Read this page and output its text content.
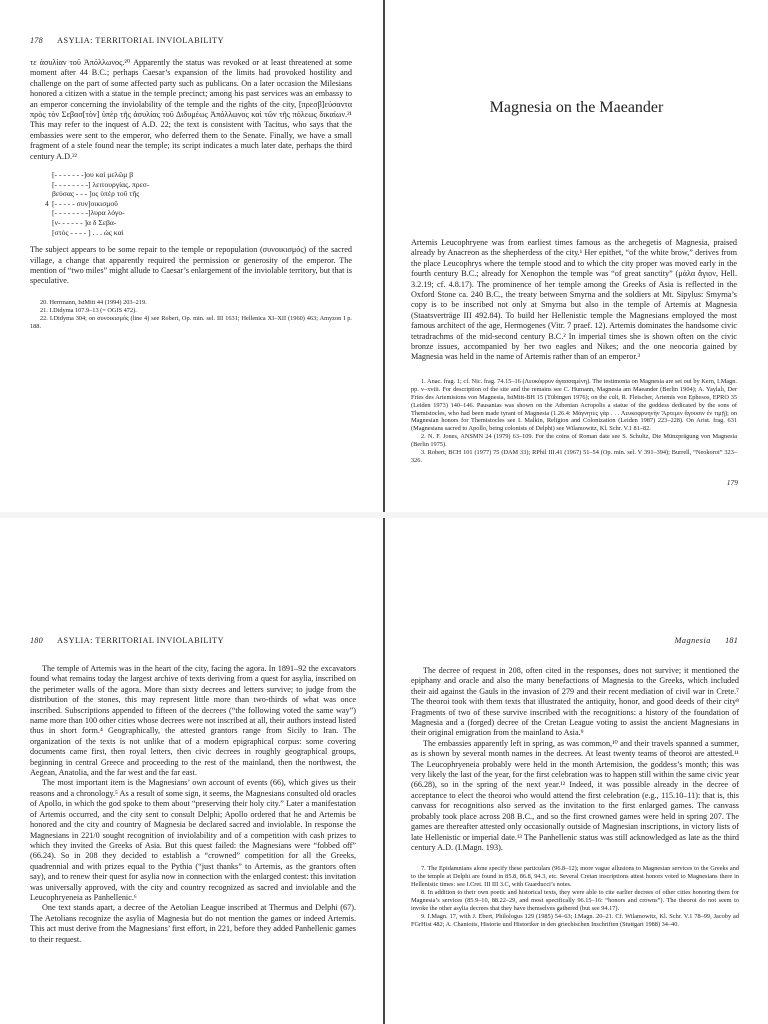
178 ASYLIA: TERRITORIAL INVIOLABILITY

τε ἀσυλίαν τοῦ Ἀπόλλωνος.²⁰ Apparently the status was revoked or at least threatened at some moment after 44 B.C.; perhaps Caesar’s expansion of the limits had provoked hostility and challenge on the part of some affected party such as publicans. On a later occasion the Milesians honored a citizen with a statue in the temple precinct; among his past services was an embassy to an emperor concerning the inviolability of the temple and the rights of the city, [πρεσβ]εύσαντα πρὸς τὸν Σεβασ[τὸν] ὑπὲρ τῆς ἀσυλίας τοῦ Διδυμέως Ἀπόλλωνος καὶ τῶν τῆς πόλεως δικαίων.²¹ This may refer to the inquest of A.D. 22; the text is consistent with Tacitus, who says that the embassies were sent to the emperor, who deferred them to the Senate. Finally, we have a small fragment of a stele found near the temple; its script indicates a much later date, perhaps the third century A.D.²²

[- - - - - - -]ου καὶ μελῶμ β
[- - - - - - - -] λειτουργίας, πρεσ-
βεύσας - - - ]ος ὑπὲρ τοῦ τῆς
4 [- - - - - συν]οικισμοῦ
[- - - - - - - -]λυρα λόγο-
[ν- - - - - - ]α δ Σεβα-
[στός - - - - ] . . . ώς καὶ

The subject appears to be some repair to the temple or repopulation (συνοικισμός) of the sacred village, a change that apparently required the permission or generosity of the emperor. The mention of “two miles” might allude to Caesar’s enlargement of the inviolable territory, but that is speculative.

20. Herrmann, IstMitt 44 (1994) 203–219.

21. I.Didyma 107.9–13 (= OGIS 472).

22. I.Didyma 304; on συνοικισμός (line 4) see Robert, Op. min. sel. III 1631; Hellenica XI–XII (1960) 463; Amyzon I p. 188.

Magnesia on the Maeander

Artemis Leucophryene was from earliest times famous as the archegetis of Magnesia, praised already by Anacreon as the shepherdess of the city.¹ Her epithet, “of the white brow,” derives from the place Leucophrys where the temple stood and to which the city proper was moved early in the fourth century B.C.; already for Xenophon the temple was “of great sanctity” (μάλα ἅγιον, Hell. 3.2.19; cf. 4.8.17). The prominence of her temple among the Greeks of Asia is reflected in the Oxford Stone ca. 240 B.C., the treaty between Smyrna and the soldiers at Mt. Sipylus: Smyrna’s copy is to be inscribed not only at Smyrna but also in the temple of Artemis at Magnesia (Staatsverträge III 492.84). To build her Hellenistic temple the Magnesians employed the most famous architect of the age, Hermogenes (Vitr. 7 praef. 12). Artemis dominates the handsome civic tetradrachms of the mid-second century B.C.² In imperial times she is shown often on the civic bronze issues, accompanied by her two eagles and Nikes; and the one neocoria gained by Magnesia was held in the name of Artemis rather than of an emperor.³

1. Anac. frag. 1; cf. Nic. frag. 74.15–16 (Λευκόφρυν ἀγασσαμένη). The testimonia on Magnesia are set out by Kern, I.Magn. pp. v–xviii. For description of the site and the remains see C. Humann, Magnesia am Maeander (Berlin 1904); A. Yaylalı, Der Fries des Artemisions von Magnesia, IstMitt-BH 15 (Tübingen 1976); on the cult, R. Fleischer, Artemis von Ephesos, EPRO 35 (Leiden 1973) 140–146. Pausanias was shown on the Athenian Acropolis a statue of the goddess dedicated by the sons of Themistocles, who had been made tyrant of Magnesia (1.26.4: Μάγνητες γὰρ . . . Λευκοφρυηνὴν Ἄρτεμιν ἄγουσιν ἐν τιμῇ); on Magnesian honors for Themistocles see I. Malkin, Religion and Colonization (Leiden 1987) 223–228). On Arist. frag. 631 (Magnesians sacred to Apollo, being colonists of Delphi) see Wilamowitz, Kl. Schr. V.1 81–82.

2. N. F. Jones, ANSMN 24 (1979) 63–109. For the coins of Roman date see S. Schultz, Die Münzprägung von Magnesia (Berlin 1975).

3. Robert, BCH 101 (1977) 75 (DAM 33); RPhil III.41 (1967) 51–54 (Op. min. sel. V 391–394); Burrell, “Neokoroi” 323–326.

179
180 ASYLIA: TERRITORIAL INVIOLABILITY

The temple of Artemis was in the heart of the city, facing the agora. In 1891–92 the excavators found what remains today the largest archive of texts deriving from a quest for asylia, inscribed on the perimeter walls of the agora. More than sixty decrees and letters survive; to judge from the distribution of the stones, this may represent little more than two-thirds of what was once inscribed. Subscriptions appended to fifteen of the decrees (“the following voted the same way”) name more than 100 other cities whose decrees were not inscribed at all, their authors instead listed thus in short form.⁴ Geographically, the attested grantors range from Sicily to Iran. The organization of the texts is not unlike that of a modern epigraphical corpus: some covering documents came first, then royal letters, then civic decrees in roughly geographical groups, beginning in central Greece and proceeding to the rest of the mainland, then the northwest, the Aegean, Anatolia, and the far west and the far east.

The most important item is the Magnesians’ own account of events (66), which gives us their reasons and a chronology.⁵ As a result of some sign, it seems, the Magnesians consulted old oracles of Apollo, in which the god spoke to them about “preserving their holy city.” Later a manifestation of Artemis occurred, and the city sent to consult Delphi; Apollo ordered that he and Artemis be honored and the city and country of Magnesia be declared sacred and inviolable. In response the Magnesians in 221/0 sought recognition of inviolability and of a competition with cash prizes to which they invited the Greeks of Asia. But this quest failed: the Magnesians were “fobbed off” (66.24). So in 208 they decided to establish a “crowned” competition for all the Greeks, quadrennial and with prizes equal to the Pythia (“just thanks” to Artemis, as the grantors often say), and to renew their quest for asylia now in connection with the enlarged contest: this invitation was universally approved, with the city and country recognized as sacred and inviolable and the Leucophryeneia as Panhellenic.⁶

One text stands apart, a decree of the Aetolian League inscribed at Thermus and Delphi (67). The Aetolians recognize the asylia of Magnesia but do not mention the games or indeed Artemis. This act must derive from the Magnesians’ first effort, in 221, before they added Panhellenic games to their request.

Magnesia 181

The decree of request in 208, often cited in the responses, does not survive; it mentioned the epiphany and oracle and also the many benefactions of Magnesia to the Greeks, which included their aid against the Gauls in the invasion of 279 and their recent mediation of civil war in Crete.⁷ The theoroi took with them texts that illustrated the antiquity, honor, and good deeds of their city⁸ Fragments of two of these survive inscribed with the recognitions: a history of the foundation of Magnesia and a (forged) decree of the Cretan League voting to assist the ancient Magnesians in their original emigration from the mainland to Asia.⁹

The embassies apparently left in spring, as was common,¹⁰ and their travels spanned a summer, as is shown by several month names in the decrees. At least twenty teams of theoroi are attested.¹¹ The Leucophryeneia probably were held in the month Artemision, the goddess’s month; this was very likely the last of the year, for the first celebration was to happen still within the same civic year (66.28), so in the spring of the next year.¹² Indeed, it was possible already in the decree of acceptance to elect the theoroi who would attend the first celebration (e.g., 115.10–11): that is, this canvass for recognitions also served as the invitation to the first enlarged games. The canvass probably took place across 208 B.C., and so the first crowned games were held in spring 207. The games are thereafter attested only occasionally outside of Magnesian inscriptions, in victory lists of late Hellenistic or imperial date.¹³ The Panhellenic status was still acknowledged as late as the third century A.D. (I.Magn. 193).

7. The Epidamnians alone specify these particulars (96.8–12); more vague allusions to Magnesian services to the Greeks and to the temple at Delphi are found in 85.8, 86.8, 94.3, etc. Several Cretan inscriptions attest honors voted to Magnesians there in Hellenistic times: see I.Cret. III III 3.C, with Guarducci’s notes.

8. In addition to their own poetic and historical texts, they were able to cite earlier decrees of other cities honoring them for Magnesia’s services (85.9–10, 88.22–29, and most specifically 96.15–16: “honors and crowns”). The theoroi do not seem to invoke the other asylia decrees that they have themselves gathered (but see 94.17).

9. I.Magn. 17, with J. Ebert, Philologus 129 (1985) 54–63; I.Magn. 20–21. Cf. Wilamowitz, Kl. Schr. V.1 78–99, Jacoby ad FGrHist 482; A. Chaniotis, Historie und Historiker in den griechischen Inschriften (Stuttgart 1988) 34–40.
